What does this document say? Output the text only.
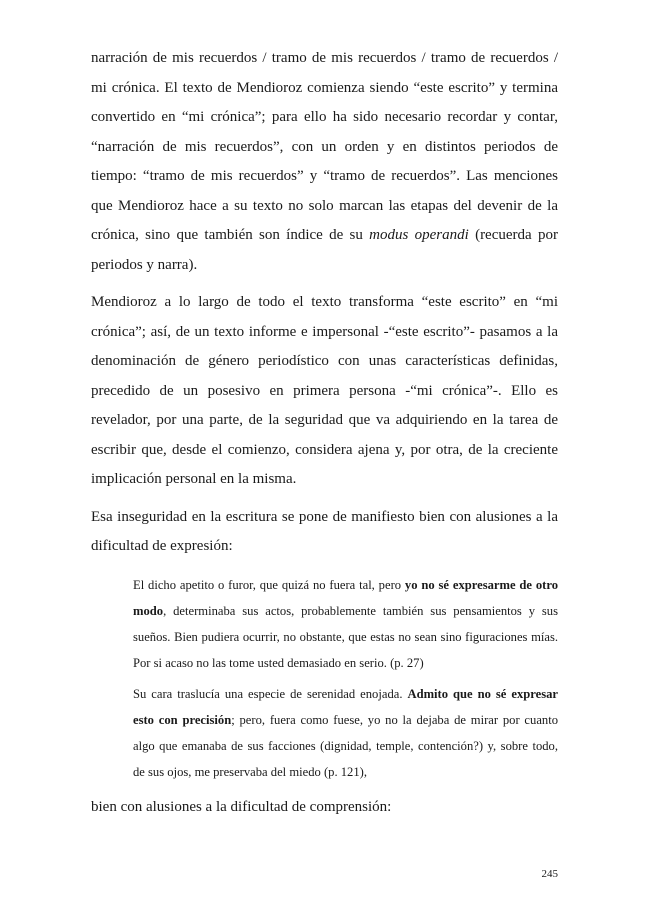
narración de mis recuerdos / tramo de mis recuerdos / tramo de recuerdos / mi crónica. El texto de Mendioroz comienza siendo “este escrito” y termina convertido en “mi crónica”; para ello ha sido necesario recordar y contar, “narración de mis recuerdos”, con un orden y en distintos periodos de tiempo: “tramo de mis recuerdos” y “tramo de recuerdos”. Las menciones que Mendioroz hace a su texto no solo marcan las etapas del devenir de la crónica, sino que también son índice de su modus operandi (recuerda por periodos y narra).

Mendioroz a lo largo de todo el texto transforma “este escrito” en “mi crónica”; así, de un texto informe e impersonal -“este escrito”- pasamos a la denominación de género periodístico con unas características definidas, precedido de un posesivo en primera persona -“mi crónica”-. Ello es revelador, por una parte, de la seguridad que va adquiriendo en la tarea de escribir que, desde el comienzo, considera ajena y, por otra, de la creciente implicación personal en la misma.

Esa inseguridad en la escritura se pone de manifiesto bien con alusiones a la dificultad de expresión:

El dicho apetito o furor, que quizá no fuera tal, pero yo no sé expresarme de otro modo, determinaba sus actos, probablemente también sus pensamientos y sus sueños. Bien pudiera ocurrir, no obstante, que estas no sean sino figuraciones mías. Por si acaso no las tome usted demasiado en serio. (p. 27)

Su cara traslucía una especie de serenidad enojada. Admito que no sé expresar esto con precisión; pero, fuera como fuese, yo no la dejaba de mirar por cuanto algo que emanaba de sus facciones (dignidad, temple, contención?) y, sobre todo, de sus ojos, me preservaba del miedo (p. 121),

bien con alusiones a la dificultad de comprensión:

245
